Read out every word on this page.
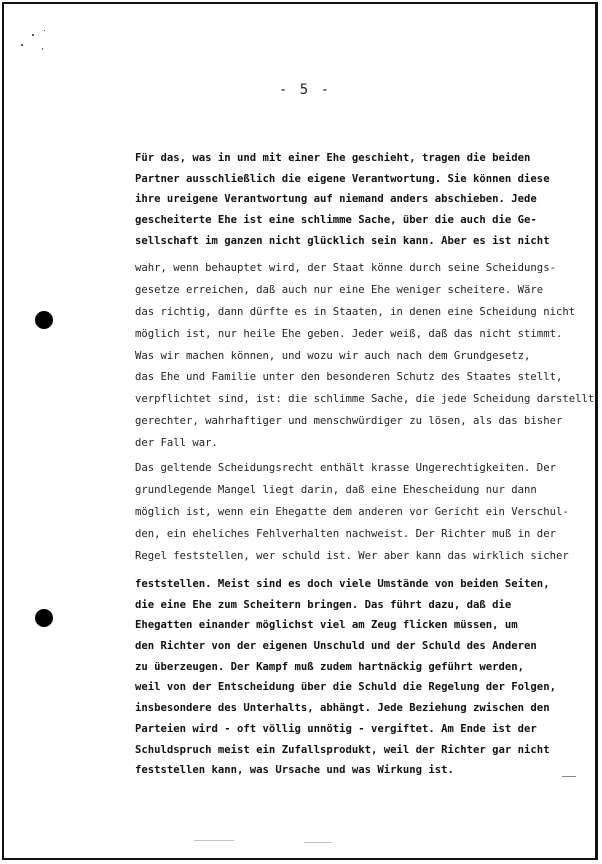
- 5 -
Für das, was in und mit einer Ehe geschieht, tragen die beiden
Partner ausschließlich die eigene Verantwortung. Sie können diese
ihre ureigene Verantwortung auf niemand anders abschieben. Jede
gescheiterte Ehe ist eine schlimme Sache, über die auch die Ge-
sellschaft im ganzen nicht glücklich sein kann. Aber es ist nicht
wahr, wenn behauptet wird, der Staat könne durch seine Scheidungs-
gesetze erreichen, daß auch nur eine Ehe weniger scheitere. Wäre
das richtig, dann dürfte es in Staaten, in denen eine Scheidung nicht
möglich ist, nur heile Ehe geben. Jeder weiß, daß das nicht stimmt.
Was wir machen können, und wozu wir auch nach dem Grundgesetz,
das Ehe und Familie unter den besonderen Schutz des Staates stellt,
verpflichtet sind, ist: die schlimme Sache, die jede Scheidung darstellt,
gerechter, wahrhaftiger und menschwürdiger zu lösen, als das bisher
der Fall war.
Das geltende Scheidungsrecht enthält krasse Ungerechtigkeiten. Der
grundlegende Mangel liegt darin, daß eine Ehescheidung nur dann
möglich ist, wenn ein Ehegatte dem anderen vor Gericht ein Verschul-
den, ein eheliches Fehlverhalten nachweist. Der Richter muß in der
Regel feststellen, wer schuld ist. Wer aber kann das wirklich sicher
feststellen. Meist sind es doch viele Umstände von beiden Seiten,
die eine Ehe zum Scheitern bringen. Das führt dazu, daß die
Ehegatten einander möglichst viel am Zeug flicken müssen, um
den Richter von der eigenen Unschuld und der Schuld des Anderen
zu überzeugen. Der Kampf muß zudem hartnäckig geführt werden,
weil von der Entscheidung über die Schuld die Regelung der Folgen,
insbesondere des Unterhalts, abhängt. Jede Beziehung zwischen den
Parteien wird - oft völlig unnötig - vergiftet. Am Ende ist der
Schuldspruch meist ein Zufallsprodukt, weil der Richter gar nicht
feststellen kann, was Ursache und was Wirkung ist.
